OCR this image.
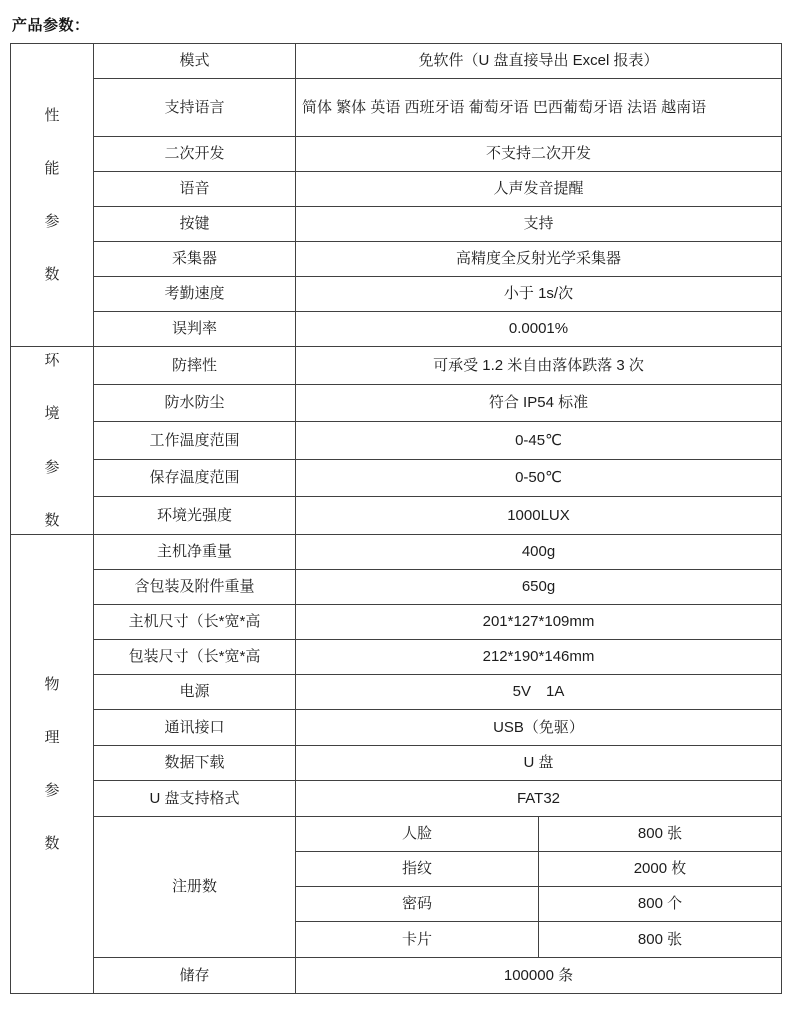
产品参数：
性
能
参
数	模式	免软件（U 盘直接导出 Excel 报表）	
	支持语言	简体 繁体 英语 西班牙语 葡萄牙语 巴西葡萄牙语 法语 越南语	
	二次开发	不支持二次开发	
	语音	人声发音提醒	
	按键	支持	
	采集器	高精度全反射光学采集器	
	考勤速度	小于 1s/次	
	误判率	0.0001%	

环
境
参
数	防摔性	可承受 1.2 米自由落体跌落 3 次	
	防水防尘	符合 IP54 标准	
	工作温度范围	0-45℃	
	保存温度范围	0-50℃	
	环境光强度	1000LUX	

物
理
参
数	主机净重量	400g	
	含包装及附件重量	650g	
	主机尺寸（长*宽*高	201*127*109mm	
	包装尺寸（长*宽*高	212*190*146mm	
	电源	5V　1A	
	通讯接口	USB（免驱）	
	数据下载	U 盘	
	U 盘支持格式	FAT32	
	注册数	人脸	800 张
		指纹	2000 枚
		密码	800 个
		卡片	800 张
	储存	100000 条	
